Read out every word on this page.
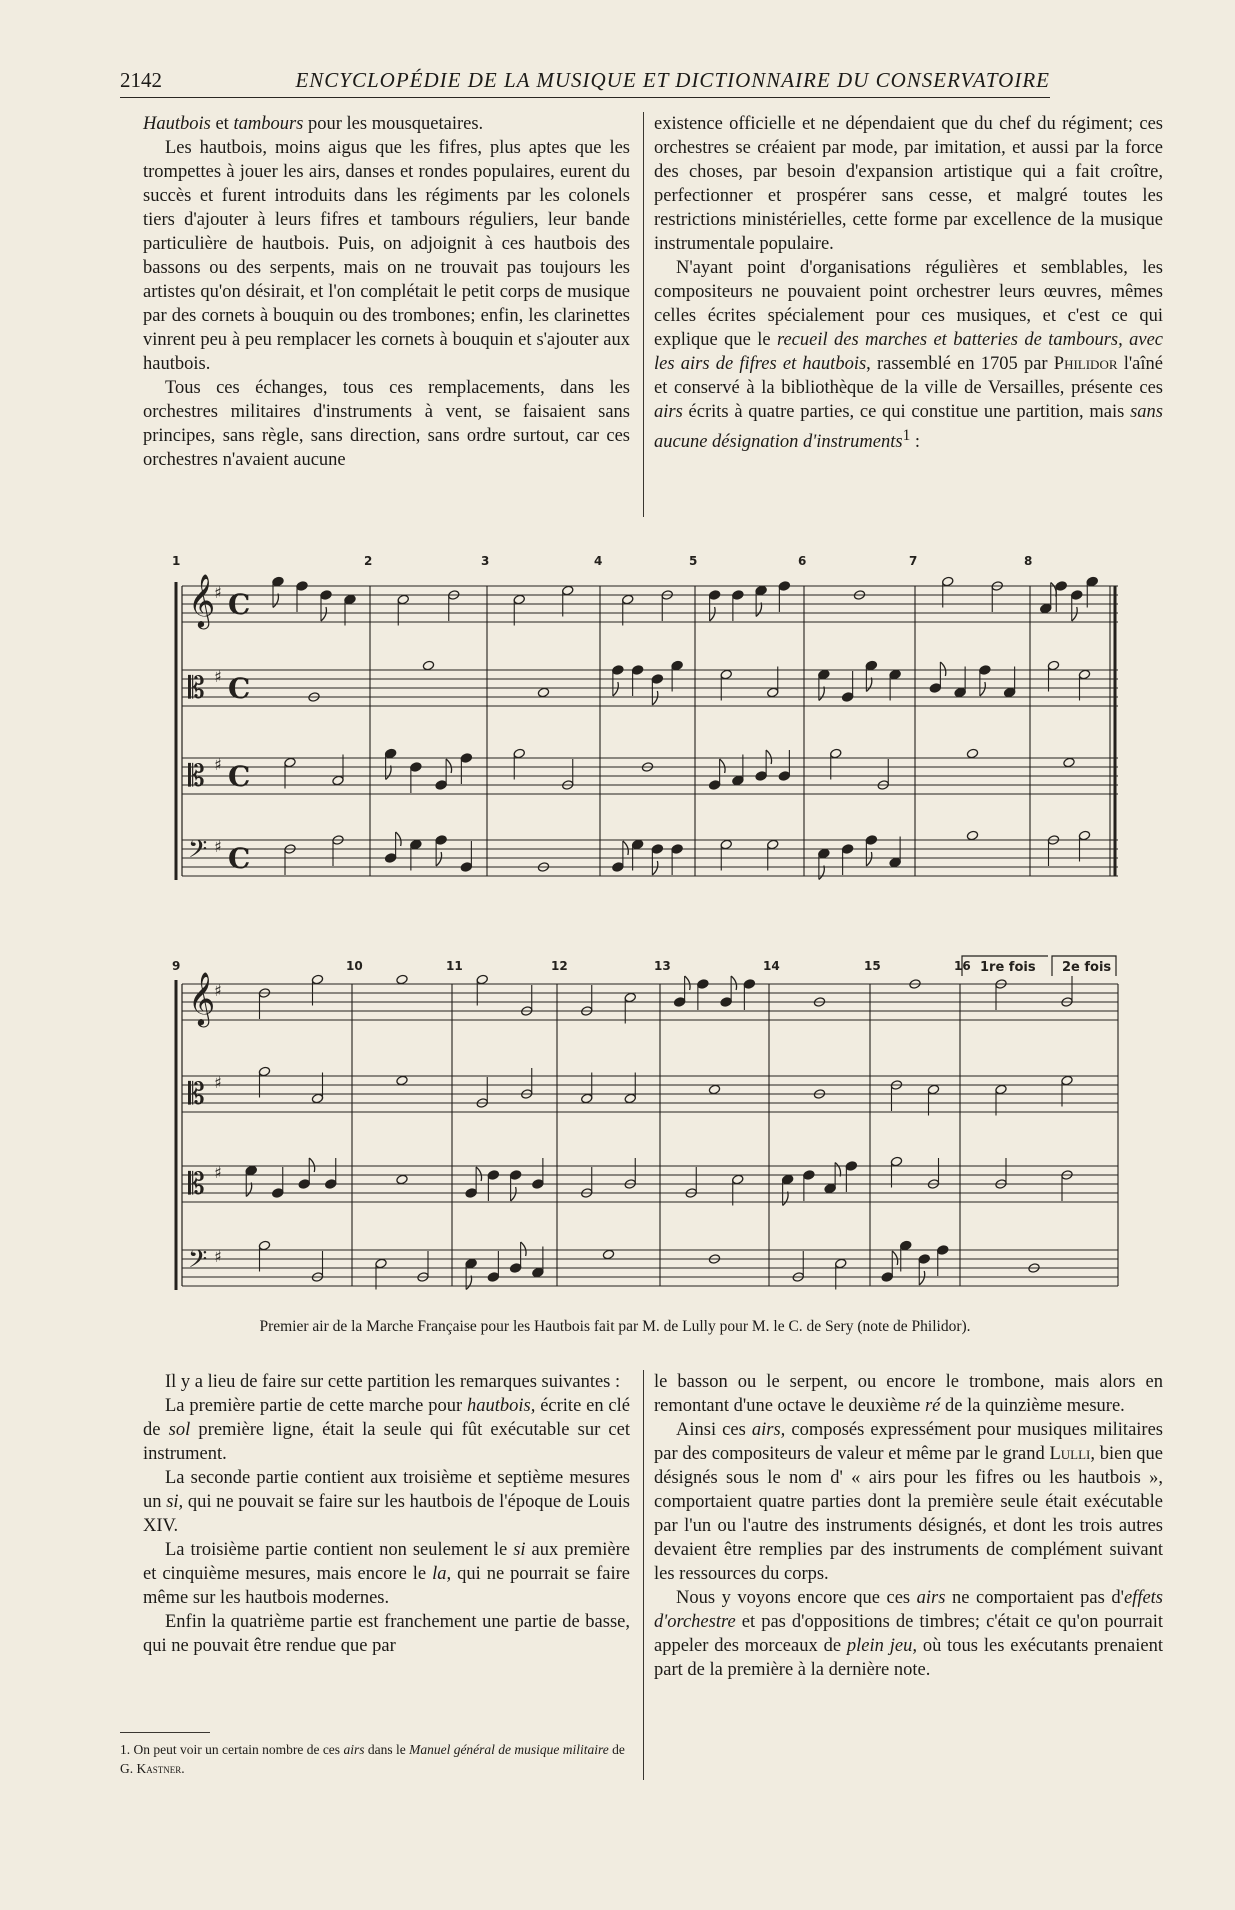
2142	ENCYCLOPÉDIE DE LA MUSIQUE ET DICTIONNAIRE DU CONSERVATOIRE

Hautbois et tambours pour les mousquetaires.

Les hautbois, moins aigus que les fifres, plus aptes que les trompettes à jouer les airs, danses et rondes populaires, eurent du succès et furent introduits dans les régiments par les colonels tiers d'ajouter à leurs fifres et tambours réguliers, leur bande particulière de hautbois. Puis, on adjoignit à ces hautbois des bassons ou des serpents, mais on ne trouvait pas toujours les artistes qu'on désirait, et l'on complétait le petit corps de musique par des cornets à bouquin ou des trombones; enfin, les clarinettes vinrent peu à peu remplacer les cornets à bouquin et s'ajouter aux hautbois.

Tous ces échanges, tous ces remplacements, dans les orchestres militaires d'instruments à vent, se faisaient sans principes, sans règle, sans direction, sans ordre surtout, car ces orchestres n'avaient aucune

existence officielle et ne dépendaient que du chef du régiment; ces orchestres se créaient par mode, par imitation, et aussi par la force des choses, par besoin d'expansion artistique qui a fait croître, perfectionner et prospérer sans cesse, et malgré toutes les restrictions ministérielles, cette forme par excellence de la musique instrumentale populaire.

N'ayant point d'organisations régulières et semblables, les compositeurs ne pouvaient point orchestrer leurs œuvres, mêmes celles écrites spécialement pour ces musiques, et c'est ce qui explique que le recueil des marches et batteries de tambours, avec les airs de fifres et hautbois, rassemblé en 1705 par Philidor l'aîné et conservé à la bibliothèque de la ville de Versailles, présente ces airs écrits à quatre parties, ce qui constitue une partition, mais sans aucune désignation d'instruments$^1$ :

𝄞 C
♯
𝄡 C
♯
𝄡 C
♯
𝄢 C
♯
1	2	3	4	5	6	7	8
𝄞
♯
𝄡 ♯
𝄡 ♯
𝄢 ♯
9	10	11	12	13	14	15	16 1re fois 2e fois
Premier air de la Marche Française pour les Hautbois fait par M. de Lully pour M. le C. de Sery (note de Philidor).

Il y a lieu de faire sur cette partition les remarques suivantes :

La première partie de cette marche pour hautbois, écrite en clé de sol première ligne, était la seule qui fût exécutable sur cet instrument.

La seconde partie contient aux troisième et septième mesures un si, qui ne pouvait se faire sur les hautbois de l'époque de Louis XIV.

La troisième partie contient non seulement le si aux première et cinquième mesures, mais encore le la, qui ne pourrait se faire même sur les hautbois modernes.

Enfin la quatrième partie est franchement une partie de basse, qui ne pouvait être rendue que par

le basson ou le serpent, ou encore le trombone, mais alors en remontant d'une octave le deuxième ré de la quinzième mesure.

Ainsi ces airs, composés expressément pour musiques militaires par des compositeurs de valeur et même par le grand Lulli, bien que désignés sous le nom d' « airs pour les fifres ou les hautbois », comportaient quatre parties dont la première seule était exécutable par l'un ou l'autre des instruments désignés, et dont les trois autres devaient être remplies par des instruments de complément suivant les ressources du corps.

Nous y voyons encore que ces airs ne comportaient pas d'effets d'orchestre et pas d'oppositions de timbres; c'était ce qu'on pourrait appeler des morceaux de plein jeu, où tous les exécutants prenaient part de la première à la dernière note.

1. On peut voir un certain nombre de ces airs dans le Manuel général de musique militaire de G. Kastner.
